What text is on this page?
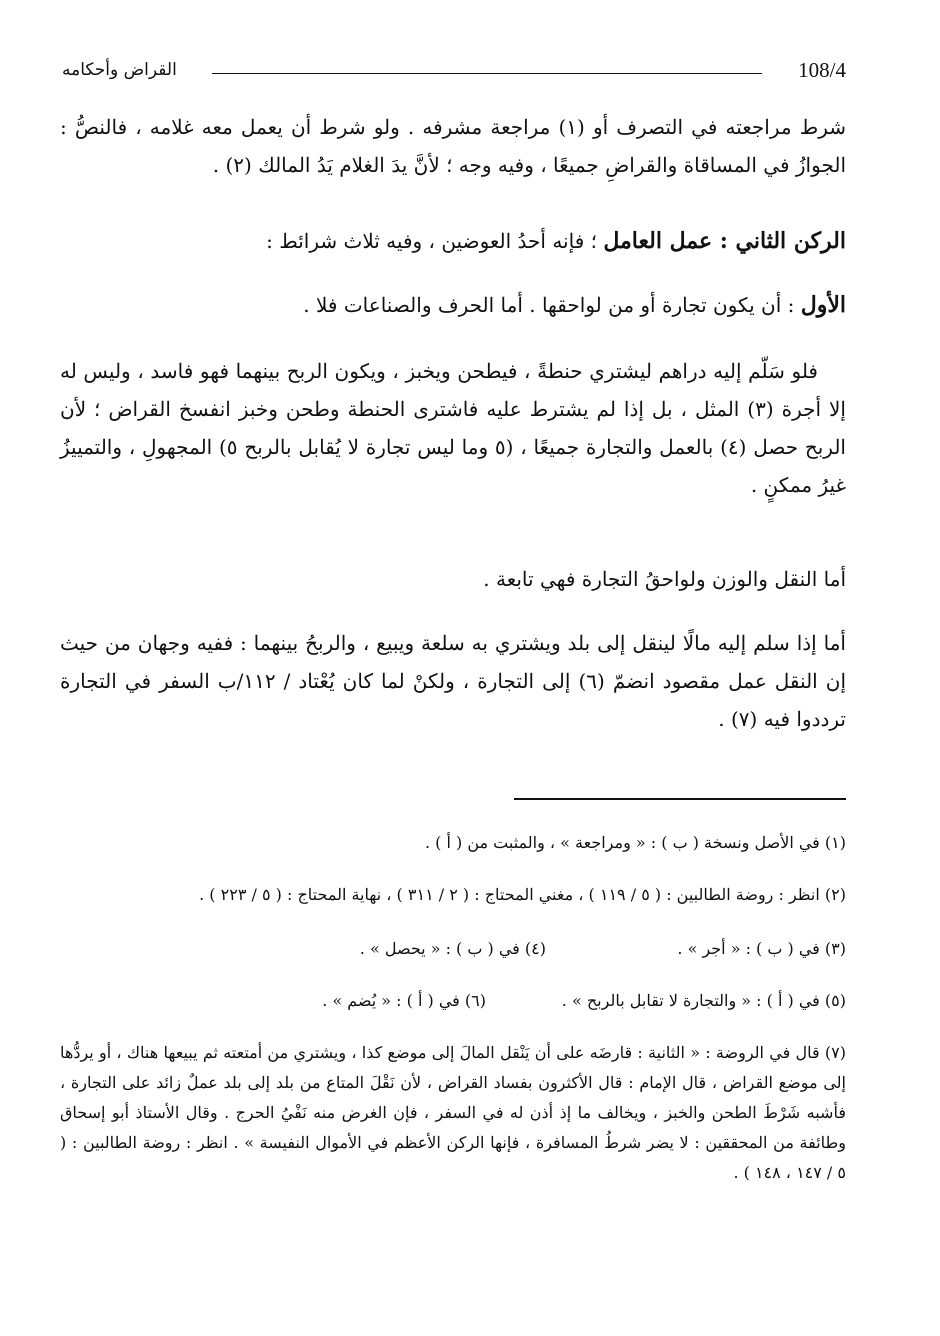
القراض وأحكامه	108/4

شرط مراجعته في التصرف أو (١) مراجعة مشرفه . ولو شرط أن يعمل معه غلامه ، فالنصُّ : الجوازُ في المساقاة والقراضِ جميعًا ، وفيه وجه ؛ لأنَّ يدَ الغلام يَدُ المالك (٢) .

الركن الثاني : عمل العامل ؛ فإنه أحدُ العوضين ، وفيه ثلاث شرائط :

الأول : أن يكون تجارة أو من لواحقها . أما الحرف والصناعات فلا .

فلو سَلّم إليه دراهم ليشتري حنطةً ، فيطحن ويخبز ، ويكون الربح بينهما فهو فاسد ، وليس له إلا أجرة (٣) المثل ، بل إذا لم يشترط عليه فاشترى الحنطة وطحن وخبز انفسخ القراض ؛ لأن الربح حصل (٤) بالعمل والتجارة جميعًا ، (٥ وما ليس تجارة لا يُقابل بالربح ٥) المجهولِ ، والتمييزُ غيرُ ممكنٍ .

أما النقل والوزن ولواحقُ التجارة فهي تابعة .

أما إذا سلم إليه مالًا لينقل إلى بلد ويشتري به سلعة ويبيع ، والربحُ بينهما : ففيه وجهان من حيث إن النقل عمل مقصود انضمّ (٦) إلى التجارة ، ولكنْ لما كان يُعْتاد / ١١٢/ب السفر في التجارة ترددوا فيه (٧) .

(١) في الأصل ونسخة ( ب ) : « ومراجعة » ، والمثبت من ( أ ) .
(٢) انظر : روضة الطالبين : ( ٥ / ١١٩ ) ، مغني المحتاج : ( ٢ / ٣١١ ) ، نهاية المحتاج : ( ٥ / ٢٢٣ ) .
(٣) في ( ب ) : « أجر » .
(٤) في ( ب ) : « يحصل » .
(٥) في ( أ ) : « والتجارة لا تقابل بالربح » .
(٦) في ( أ ) : « يُضم » .
(٧) قال في الروضة : « الثانية : قارضَه على أن يَنْقل المالَ إلى موضع كذا ، ويشتري من أمتعته ثم يبيعها هناك ، أو يردُّها إلى موضع القراض ، قال الإمام : قال الأكثرون بفساد القراض ، لأن نَقْلَ المتاع من بلد إلى بلد عملٌ زائد على التجارة ، فأشبه شَرْطَ الطحن والخبز ، ويخالف ما إذ أذن له في السفر ، فإن الغرض منه نَفْيُ الحرج . وقال الأستاذ أبو إسحاق وطائفة من المحققين : لا يضر شرطُ المسافرة ، فإنها الركن الأعظم في الأموال النفيسة » . انظر : روضة الطالبين : ( ٥ / ١٤٧ ، ١٤٨ ) .
